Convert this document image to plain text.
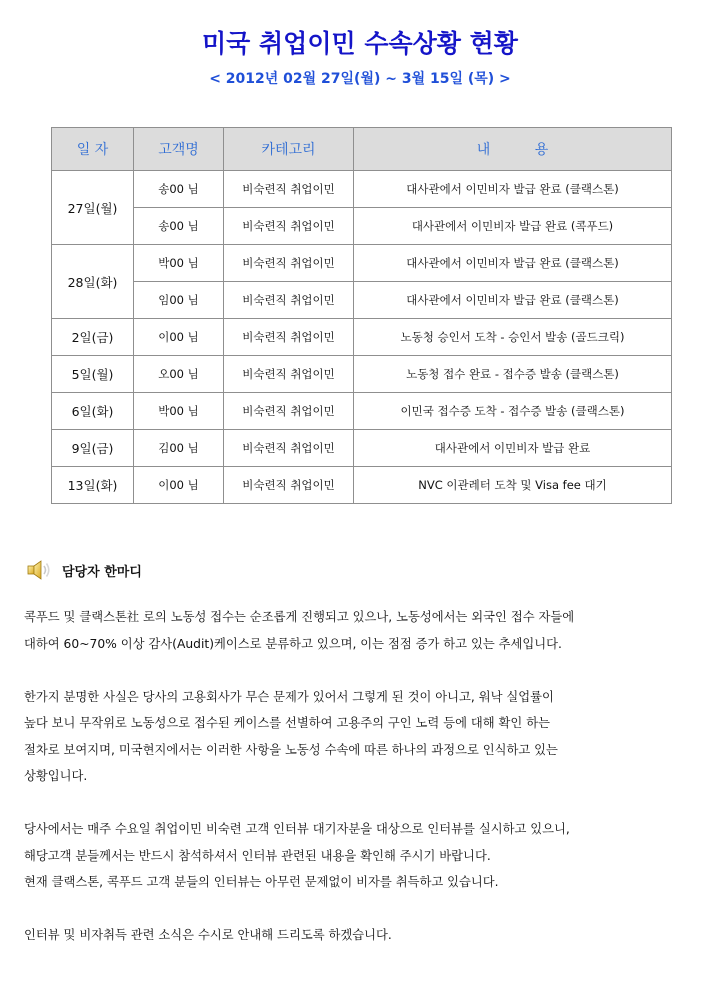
미국 취업이민 수속상황 현황
< 2012년 02월 27일(월) ~ 3월 15일 (목) >
일 자	고객명	카테고리	내          용
27일(월)	송00 님	비숙련직 취업이민	대사관에서 이민비자 발급 완료 (클랙스톤)
	송00 님	비숙련직 취업이민	대사관에서 이민비자 발급 완료 (콕푸드)
28일(화)	박00 님	비숙련직 취업이민	대사관에서 이민비자 발급 완료 (클랙스톤)
	임00 님	비숙련직 취업이민	대사관에서 이민비자 발급 완료 (클랙스톤)
2일(금)	이00 님	비숙련직 취업이민	노동청 승인서 도착 - 승인서 발송 (골드크릭)
5일(월)	오00 님	비숙련직 취업이민	노동청 접수 완료 - 접수증 발송 (클랙스톤)
6일(화)	박00 님	비숙련직 취업이민	이민국 접수증 도착 - 접수증 발송 (클랙스톤)
9일(금)	김00 님	비숙련직 취업이민	대사관에서 이민비자 발급 완료
13일(화)	이00 님	비숙련직 취업이민	NVC 이관레터 도착 및 Visa fee 대기
담당자 한마디

콕푸드 및 클랙스톤社 로의 노동성 접수는 순조롭게 진행되고 있으나, 노동성에서는 외국인 접수 자들에
대하여 60~70% 이상 감사(Audit)케이스로 분류하고 있으며, 이는 점점 증가 하고 있는 추세입니다.

한가지 분명한 사실은 당사의 고용회사가 무슨 문제가 있어서 그렇게 된 것이 아니고, 워낙 실업률이
높다 보니 무작위로 노동성으로 접수된 케이스를 선별하여 고용주의 구인 노력 등에 대해 확인 하는
절차로 보여지며, 미국현지에서는 이러한 사항을 노동성 수속에 따른 하나의 과정으로 인식하고 있는
상황입니다.

당사에서는 매주 수요일 취업이민 비숙련 고객 인터뷰 대기자분을 대상으로 인터뷰를 실시하고 있으니,
해당고객 분들께서는 반드시 참석하셔서 인터뷰 관련된 내용을 확인해 주시기 바랍니다.
현재 클랙스톤, 콕푸드 고객 분들의 인터뷰는 아무런 문제없이 비자를 취득하고 있습니다.

인터뷰 및 비자취득 관련 소식은 수시로 안내해 드리도록 하겠습니다.
